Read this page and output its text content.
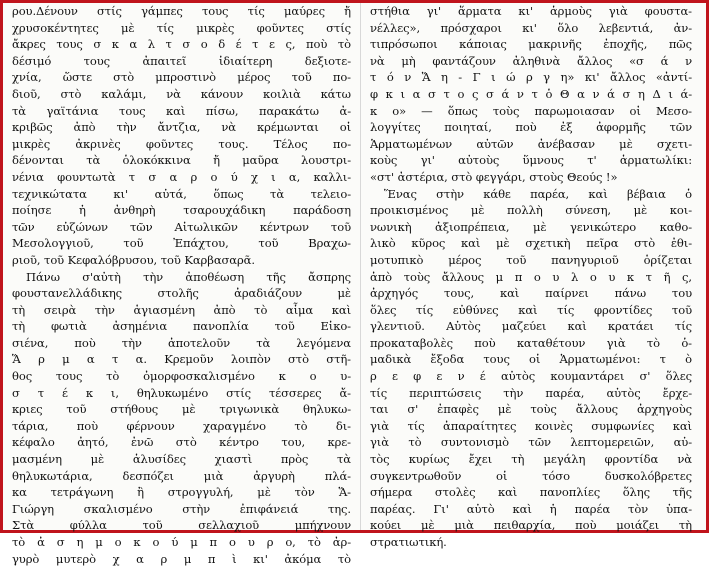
ρου.Δένουν στίς γάμπες τους τίς μαύρες ἤ
χρυσοκέντητες μὲ τίς μικρὲς φοῦντες στίς
ἄκρες τους σ κ α λ τ σ ο δ έ τ ε ς, ποὺ τὸ
δέσιμό τους ἀπαιτεῖ ἰδιαίτερη δεξιοτε-
χνία, ὥστε στὸ μπροστινὸ μέρος τοῦ πο-
διοῦ, στὸ καλάμι, νὰ κάνουν κοιλιὰ κάτω
τὰ γαϊτάνια τους καὶ πίσω, παρακάτω ἀ-
κριβῶς ἀπὸ τὴν ἄντζια, νὰ κρέμωνται οἱ
μικρὲς ἀκρινὲς φοῦντες τους. Τέλος πο-
δένονται τὰ ὁλοκόκκινα ἤ μαῦρα λουστρι-
νένια φουντωτὰ τ σ α ρ ο ύ χ ι α, καλλι-
τεχνικώτατα κι' αὐτά, ὅπως τὰ τελειο-
ποίησε ἡ ἀνθηρὴ τσαρουχάδικη παράδοση
τῶν εὐζώνων τῶν Αἰτωλικῶν κέντρων τοῦ
Μεσολογγιοῦ, τοῦ Ἐπάχτου, τοῦ Βραχω-
ριοῦ, τοῦ Κεφαλόβρυσου, τοῦ Καρβασαρᾶ.
Πάνω σ'αὐτὴ τὴν ἀποθέωση τῆς ἄσπρης
φουστανελλάδικης στολῆς ἀραδιάζουν μὲ
τὴ σειρὰ τὴν ἁγιασμένη ἀπὸ τὸ αἷμα καὶ
τὴ φωτιὰ ἀσημένια πανοπλία τοῦ Εἰκο-
σιένα, ποὺ τὴν ἀποτελοῦν τὰ λεγόμενα
Ἅ ρ μ α τ α. Κρεμοῦν λοιπὸν στὸ στῆ-
θος τους τὸ ὀμορφοσκαλισμένο κ ο υ-
σ τ έ κ ι, θηλυκωμένο στίς τέσσερες ἄ-
κριες τοῦ στήθους μὲ τριγωνικὰ θηλυκω-
τάρια, ποὺ φέρνουν χαραγμένο τὸ δι-
κέφαλο ἀητό, ἐνῶ στὸ κέντρο του, κρε-
μασμένη μὲ ἁλυσίδες χιαστὶ πρὸς τὰ
θηλυκωτάρια, δεσπόζει μιὰ ἀργυρὴ πλά-
κα τετράγωνη ἢ στρογγυλή, μὲ τὸν Ἅ-
Γιώργη σκαλισμένο στὴν ἐπιφάνειά της.
Στὰ φύλλα τοῦ σελλαχιοῦ μπήχνουν
τὸ ἀ σ η μ ο κ ο ύ μ π ο υ ρ ο, τὸ ἀρ-
γυρὸ μυτερὸ χ α ρ μ π ὶ κι' ἀκόμα τὸ
στήθια γι' ἅρματα κι' ἁρμοὺς γιὰ φουστα-
νέλλες», πρόσχαροι κι' ὅλο λεβεντιά, ἀν-
τιπρόσωποι κάποιας μακρινῆς ἐποχῆς, πῶς
νὰ μὴ φαντάζουν ἀληθινὰ ἄλλος «σ ά ν
τ ό ν Ἅ η - Γ ι ώ ρ γ η» κι' ἄλλος «ἀντί-
φ κ ι α σ τ ο ς σ ά ν τ ὁ Θ α ν ά σ η Δ ι ά-
κ ο» — ὅπως τοὺς παρωμοιασαν οἱ Μεσο-
λογγίτες ποιηταί, ποὺ ἐξ ἀφορμῆς τῶν
Ἁρματωμένων αὐτῶν ἀνέβασαν μὲ σχετι-
κοὺς γι' αὐτοὺς ὕμνους τ' ἁρματωλίκι:
«στ' ἀστέρια, στὸ φεγγάρι, στοὺς Θεούς !»
Ἕνας στὴν κάθε παρέα, καὶ βέβαια ὁ
προικισμένος μὲ πολλὴ σύνεση, μὲ κοι-
νωνικὴ ἀξιοπρέπεια, μὲ γενικώτερο καθο-
λικὸ κῦρος καὶ μὲ σχετικὴ πεῖρα στὸ ἐθι-
μοτυπικὸ μέρος τοῦ πανηγυριοῦ ὁρίζεται
ἀπὸ τοὺς ἄλλους μ π ο υ λ ο υ κ τ ῆ ς,
ἀρχηγός τους, καὶ παίρνει πάνω του
ὅλες τίς εὐθύνες καὶ τίς φροντίδες τοῦ
γλεντιοῦ. Αὐτὸς μαζεύει καὶ κρατάει τίς
προκαταβολὲς ποὺ καταθέτουν γιὰ τὸ ὁ-
μαδικὰ ἔξοδα τους οἱ Ἁρματωμένοι: τ ὸ
ρ ε φ ε ν έ αὐτὸς κουμαντάρει σ' ὅλες
τίς περιπτώσεις τὴν παρέα, αὐτὸς ἔρχε-
ται σ' ἐπαφὲς μὲ τοὺς ἄλλους ἀρχηγοὺς
γιὰ τίς ἀπαραίτητες κοινὲς συμφωνίες καὶ
γιὰ τὸ συντονισμὸ τῶν λεπτομερειῶν, αὐ-
τὸς κυρίως ἔχει τὴ μεγάλη φροντίδα νὰ
συγκεντρωθοῦν οἱ τόσο δυσκολόβρετες
σήμερα στολὲς καὶ πανοπλίες ὅλης τῆς
παρέας. Γι' αὐτὸ καὶ ἡ παρέα τὸν ὑπα-
κούει μὲ μιὰ πειθαρχία, ποὺ μοιάζει τὴ
στρατιωτική.
